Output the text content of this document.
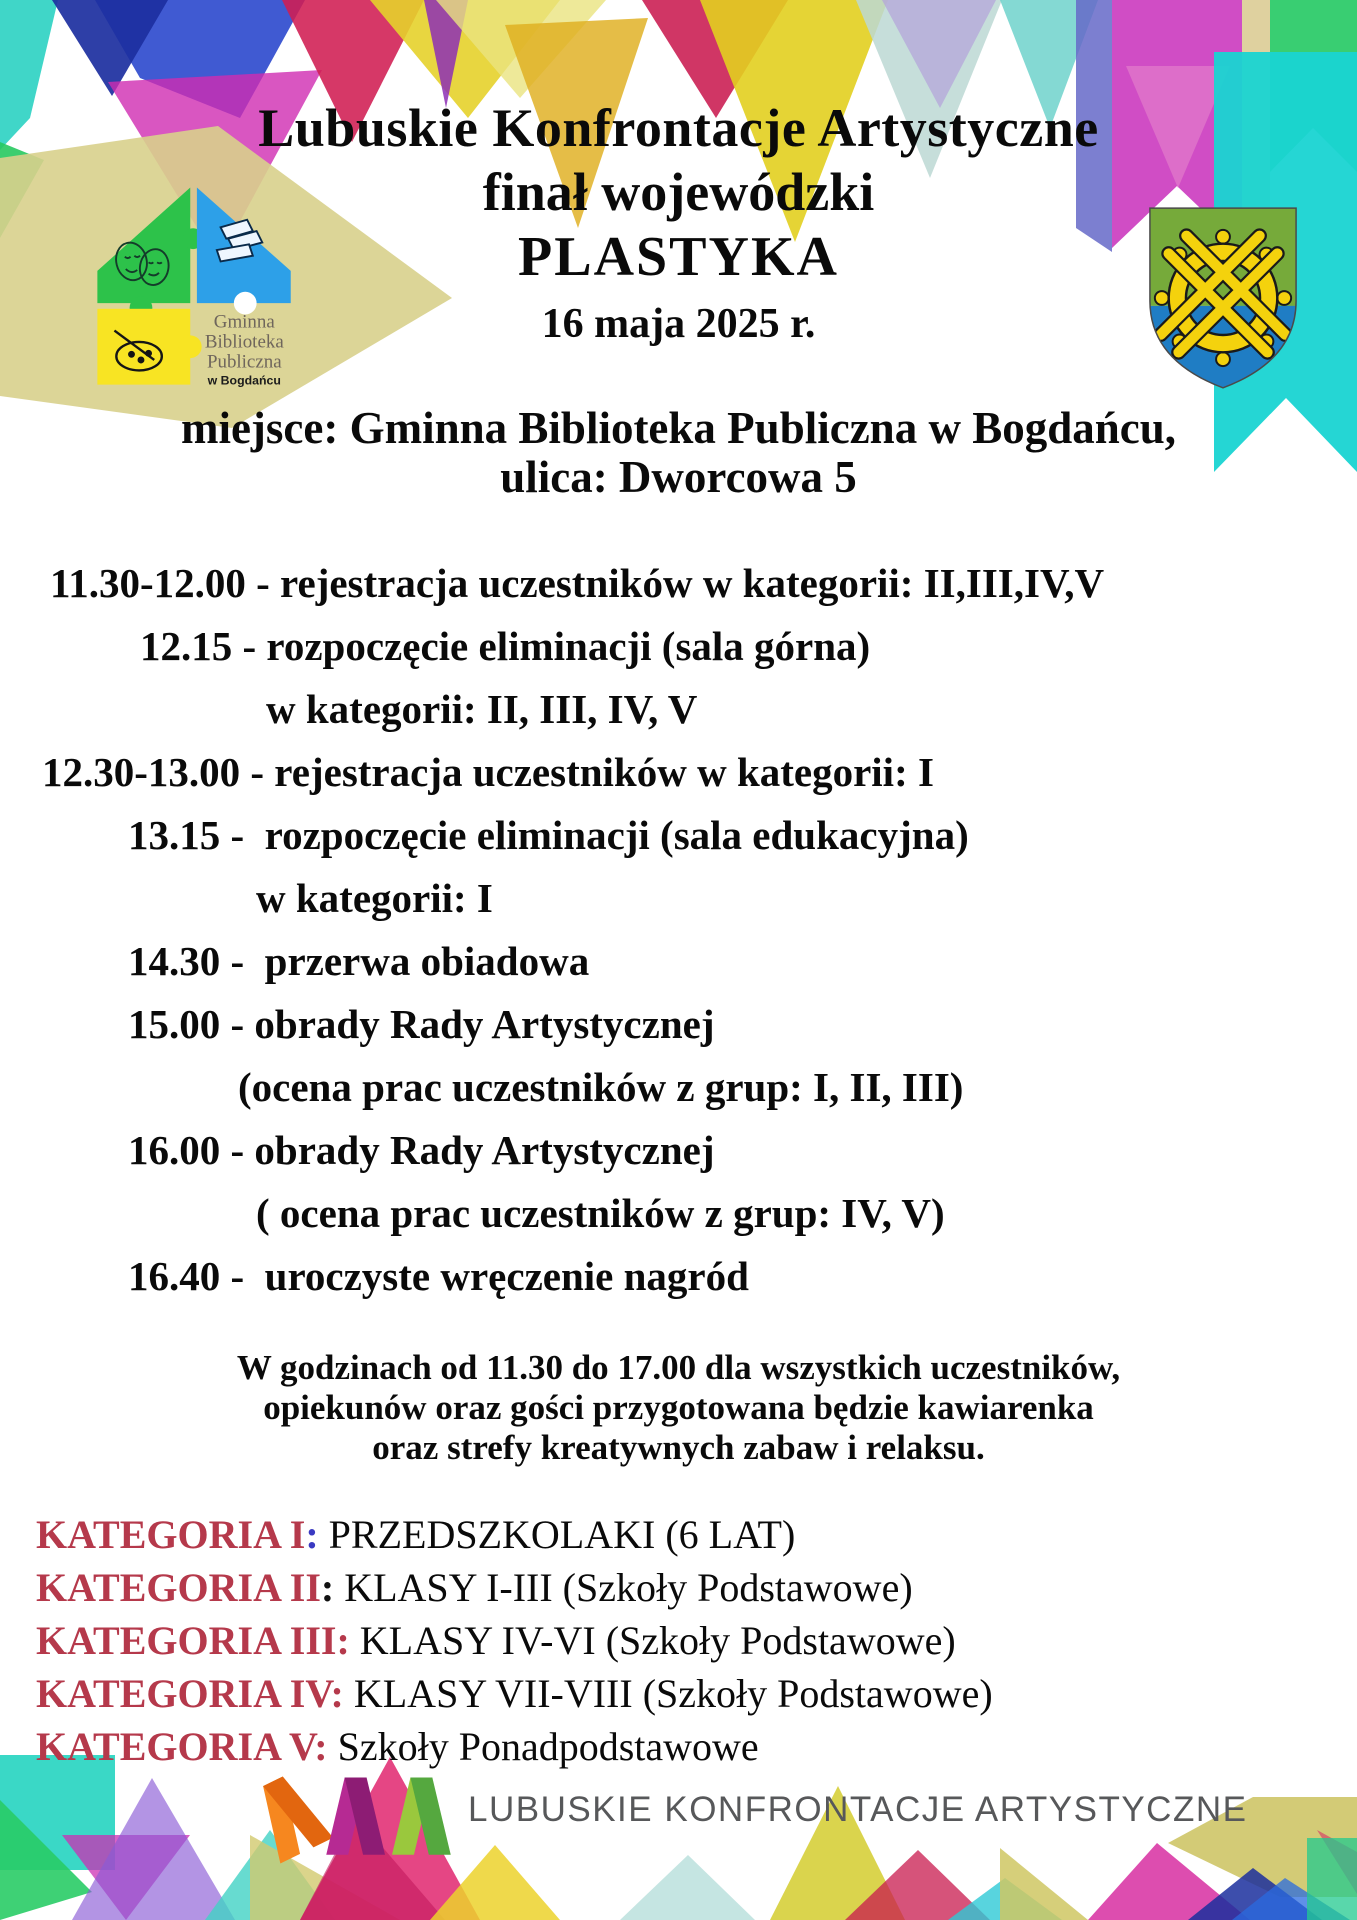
Lubuskie Konfrontacje Artystyczne
finał wojewódzki
PLASTYKA
16 maja 2025 r.
Gminna
Biblioteka
Publiczna
w Bogdańcu
miejsce: Gminna Biblioteka Publiczna w Bogdańcu,
ulica: Dworcowa 5
11.30-12.00 - rejestracja uczestników w kategorii: II,III,IV,V
12.15 - rozpoczęcie eliminacji (sala górna)
w kategorii: II, III, IV, V
12.30-13.00 - rejestracja uczestników w kategorii: I
13.15 -  rozpoczęcie eliminacji (sala edukacyjna)
w kategorii: I
14.30 -  przerwa obiadowa
15.00 - obrady Rady Artystycznej
(ocena prac uczestników z grup: I, II, III)
16.00 - obrady Rady Artystycznej
( ocena prac uczestników z grup: IV, V)
16.40 -  uroczyste wręczenie nagród
W godzinach od 11.30 do 17.00 dla wszystkich uczestników,
opiekunów oraz gości przygotowana będzie kawiarenka
oraz strefy kreatywnych zabaw i relaksu.
KATEGORIA I: PRZEDSZKOLAKI (6 LAT)
KATEGORIA II: KLASY I-III (Szkoły Podstawowe)
KATEGORIA III: KLASY IV-VI (Szkoły Podstawowe)
KATEGORIA IV: KLASY VII-VIII (Szkoły Podstawowe)
KATEGORIA V: Szkoły Ponadpodstawowe
LUBUSKIE KONFRONTACJE ARTYSTYCZNE
